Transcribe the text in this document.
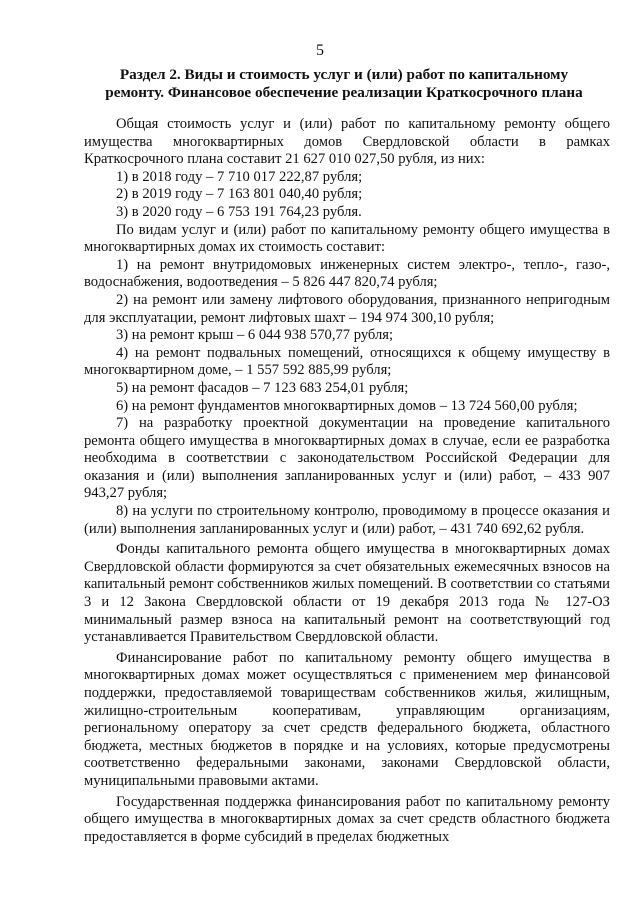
5
Раздел 2. Виды и стоимость услуг и (или) работ по капитальному
ремонту. Финансовое обеспечение реализации Краткосрочного плана

Общая стоимость услуг и (или) работ по капитальному ремонту общего имущества многоквартирных домов Свердловской области в рамках Краткосрочного плана составит 21 627 010 027,50 рубля, из них:

1) в 2018 году – 7 710 017 222,87 рубля;

2) в 2019 году – 7 163 801 040,40 рубля;

3) в 2020 году – 6 753 191 764,23 рубля.

По видам услуг и (или) работ по капитальному ремонту общего имущества в многоквартирных домах их стоимость составит:

1) на ремонт внутридомовых инженерных систем электро-, тепло-, газо-, водоснабжения, водоотведения – 5 826 447 820,74 рубля;

2) на ремонт или замену лифтового оборудования, признанного непригодным для эксплуатации, ремонт лифтовых шахт – 194 974 300,10 рубля;

3) на ремонт крыш – 6 044 938 570,77 рубля;

4) на ремонт подвальных помещений, относящихся к общему имуществу в многоквартирном доме, – 1 557 592 885,99 рубля;

5) на ремонт фасадов – 7 123 683 254,01 рубля;

6) на ремонт фундаментов многоквартирных домов – 13 724 560,00 рубля;

7) на разработку проектной документации на проведение капитального ремонта общего имущества в многоквартирных домах в случае, если ее разработка необходима в соответствии с законодательством Российской Федерации для оказания и (или) выполнения запланированных услуг и (или) работ, – 433 907 943,27 рубля;

8) на услуги по строительному контролю, проводимому в процессе оказания и (или) выполнения запланированных услуг и (или) работ, – 431 740 692,62 рубля.

Фонды капитального ремонта общего имущества в многоквартирных домах Свердловской области формируются за счет обязательных ежемесячных взносов на капитальный ремонт собственников жилых помещений. В соответствии со статьями 3 и 12 Закона Свердловской области от 19 декабря 2013 года № 127-ОЗ минимальный размер взноса на капитальный ремонт на соответствующий год устанавливается Правительством Свердловской области.

Финансирование работ по капитальному ремонту общего имущества в многоквартирных домах может осуществляться с применением мер финансовой поддержки, предоставляемой товариществам собственников жилья, жилищным, жилищно-строительным кооперативам, управляющим организациям, региональному оператору за счет средств федерального бюджета, областного бюджета, местных бюджетов в порядке и на условиях, которые предусмотрены соответственно федеральными законами, законами Свердловской области, муниципальными правовыми актами.

Государственная поддержка финансирования работ по капитальному ремонту общего имущества в многоквартирных домах за счет средств областного бюджета предоставляется в форме субсидий в пределах бюджетных
